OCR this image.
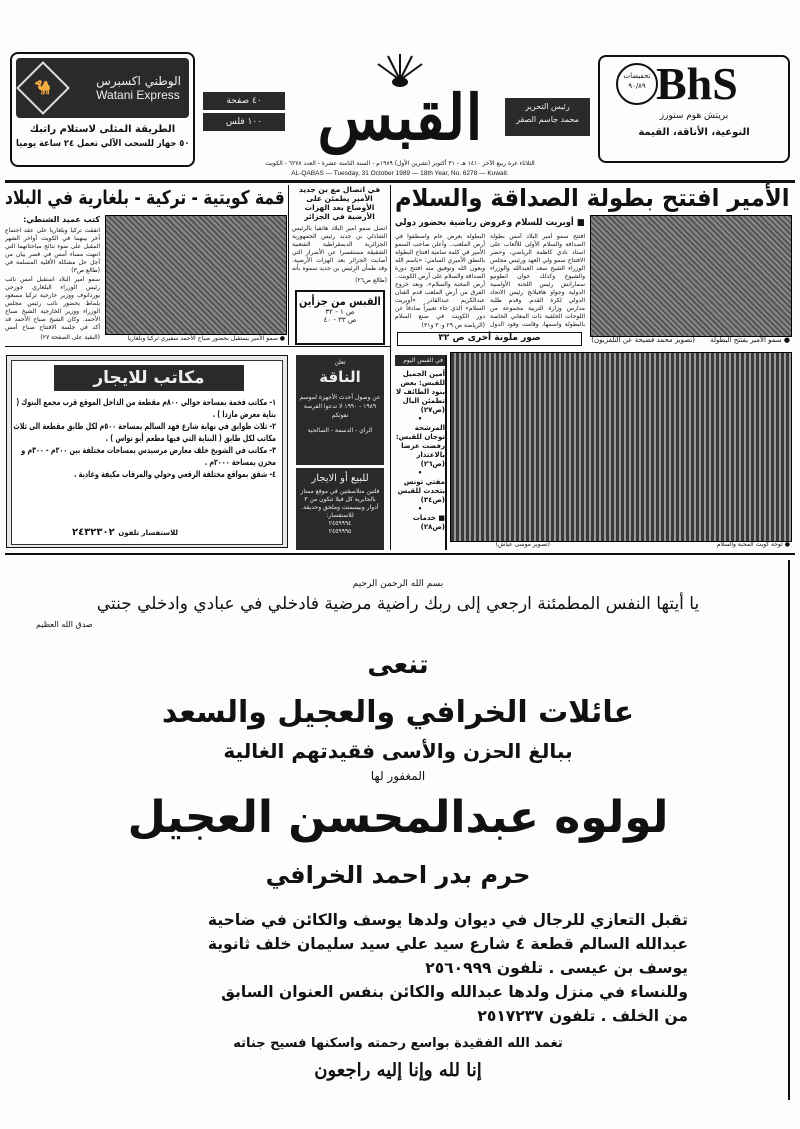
الوطني اكسبرس
Watani Express
🐪
الطريقة المثلى لاستلام راتبك
٥٠ جهاز للسحب الآلي تعمل ٢٤ ساعة يوميا
٤٠ صفحة
١٠٠ فلس القبس	رئيس التحرير
محمد جاسم الصقر
تخفيضات ٩٠/٨٩ BhS
بريتش هوم ستورز
النوعية، الأناقة، القيمة
الثلاثاء غرة ربيع الآخر ١٤١٠ هـ - ٣١ أكتوبر (تشرين الأول) ١٩٨٩م - السنة الثامنة عشرة - العدد ٦٢٧٨ - الكويت
AL-QABAS — Tuesday, 31 October 1989 — 18th Year, No. 6278 — Kuwait.
الأمير افتتح بطولة الصداقة والسلام
■ أوبريت للسلام وعروض رياضية بحضور دولي
افتتح سمو أمير البلاد أمس بطولة الصداقة والسلام الأولى للألعاب على استاد نادي كاظمة الرياضي، وحضر الافتتاح سمو ولي العهد ورئيس مجلس الوزراء الشيخ سعد العبدالله والوزراء والشيوخ وكذلك خوان انطونيو سمارانش رئيس اللجنة الأولمبية الدولية وجواو هافيلانج رئيس الاتحاد الدولي لكرة القدم. وقدم طلبة مدارس وزارة التربية مجموعة من اللوحات الخلفية ذات المعاني الخاصة بالبطولة واسمها، وقامت وفود الدول
البطولة بعرض عام واصطفوا في أرض الملعب.. وأعلن صاحب السمو الأمير في كلمة سامية افتتاح البطولة بالنطق الأميري السامي: «باسم الله وبعون الله وتوفيق منه افتتح دورة الصداقة والسلام على أرض الكويت.. أرض المحبة والسلام». وبعد خروج الفرق من أرض الملعب قدم الفنان عبدالكريم عبدالقادر «أوبريت السلام» الذي جاء تعبيراً صادقاً عن دور الكويت في صنع السلام
(الرياضة ص ٢٩ و٣٠ و٣١)
صور ملونة أخرى ص ٣٢	● سمو الأمير يفتتح البطولة
(تصوير محمد فضيحة عن التلفزيون)
في اتصال مع بن جديد الأمير يطمئن على الأوضاع بعد الهزات الأرضية في الجزائر
اتصل سمو أمير البلاد هاتفيا بالرئيس الشاذلي بن جديد رئيس الجمهورية الجزائرية الديمقراطية الشعبية الشقيقة مستفسرا عن الأضرار التي أصابت الجزائر بعد الهزات الأرضية. وقد طمأن الرئيس بن جديد سموه بأنه
(طالع ص٢٦)
القبس من جزأين
ص ١ - ٣٢
ص ٣٣ - ٤٠
قمة كويتية - تركية - بلغارية في البلاد
كتب عميد الشنطي:
اتفقت تركيا وبلغاريا على عقد اجتماع آخر بينهما في الكويت أواخر الشهر المقبل على ضوء نتائج مباحثاتهما التي انتهت مساء أمس في قصر بيان من أجل حل مشكلة الأقلية المسلمة في
(طالع ص٣)
سمو أمير البلاد استقبل أمس نائب رئيس الوزراء البلغاري جورجي يوردانوف ووزير خارجية تركيا مسعود يلماظ بحضور نائب رئيس مجلس الوزراء ووزير الخارجية الشيخ صباح الأحمد. وكان الشيخ صباح الأحمد قد أكد في جلسة الافتتاح صباح أمس
(البقية على الصفحة ٢٧)	● سمو الأمير يستقبل بحضور صباح الأحمد سفيري تركيا وبلغاريا
مكاتب للايجار
١- مكاتب فخمة بمساحة حوالي ٨٠٠م مقطعة من الداخل الموقع قرب مجمع البنوك ( بناية معرض مازدا ) .
٢- ثلاث طوابق في نهاية شارع فهد السالم بمساحة ٥٠٠م لكل طابق مقطعة الى ثلاث مكاتب لكل طابق ( البناية التي فيها مطعم أبو نواس ) .
٣- مكاتب في الشويخ خلف معارض مرسيدس بمساحات مختلفة بين ٢٠٠م - ٣٠٠م و مخزن بمساحة ٢٠٠٠م .
٤- شقق بمواقع مختلفة الرقعي وحولي والمرقاب مكيفة وعادية .
للاستفسار تلفون ٢٤٣٢٣٠٢
تعلن
الناقة
عن وصول أحدث الأجهزة لموسم ١٩٨٩ - ١٩٩٠ لا تدعوا الفرصة تفوتكم
الراي - الدسمة - الصالحية
للبيع أو الايجار
فلتين متلاصقتين في موقع ممتاز بالجابرية كل فيلا تتكون من ٣ أدوار وبيسمنت وملحق وحديقة. للاستفسار:
٢٤٥٩٩٩٤
٢٤٥٩٩٩٥
في القبس اليوم
أمين الجميل للقبس: بعض بنود الطائف لا تطمئن البال (ص٢٧)
•
المرشحة توجان للقبس: رفضت عرضا بالاعتذار (ص٢٦)
•
مفتي تونس يتحدث للقبس (ص٣٤)
•
■ خدمات (ص٢٨)
● لوحة كويت المحبة والسلام
(تصوير موسى عياش)
بسم الله الرحمن الرحيم
يا أيتها النفس المطمئنة ارجعي إلى ربك راضية مرضية فادخلي في عبادي وادخلي جنتي
صدق الله العظيم
تنعى
عائلات الخرافي والعجيل والسعد
ببالغ الحزن والأسى فقيدتهم الغالية
المغفور لها
لولوه عبدالمحسن العجيل
حرم بدر احمد الخرافي
تقبل التعازي للرجال في ديوان ولدها يوسف والكائن في ضاحية
عبدالله السالم قطعة ٤ شارع سيد علي سيد سليمان خلف ثانوية
يوسف بن عيسى . تلفون ٢٥٦٠٩٩٩
وللنساء في منزل ولدها عبدالله والكائن بنفس العنوان السابق
من الخلف . تلفون ٢٥١٧٢٣٧
تغمد الله الفقيدة بواسع رحمته واسكنها فسيح جناته
إنا لله وإنا إليه راجعون
